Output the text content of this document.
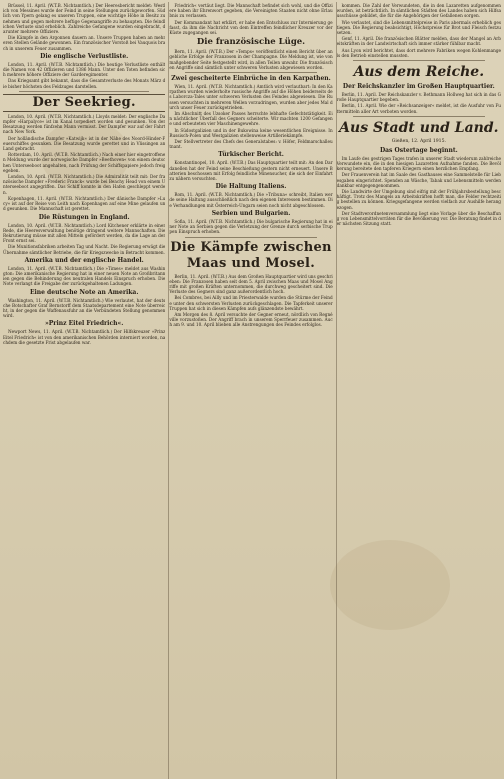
Brüssel, 11. April. (W.T.B. Nichtamtlich.) Der Heeresbericht meldet: Westlich von Messines wurde der Feind in seine Stellungen zurückgeworfen. Südlich von Ypern gelang es unseren Truppen, eine wichtige Höhe in Besitz zu nehmen und gegen mehrere heftige Gegenangriffe zu behaupten. Die feindlichen Verluste sind erheblich. Zahlreiche Gefangene wurden eingebracht, darunter mehrere Offiziere.

Die Kämpfe in den Argonnen dauern an. Unsere Truppen haben an mehreren Stellen Gelände gewonnen. Ein französischer Vorstoß bei Vauquois brach in unserem Feuer zusammen.

Die englische Verlustliste.

London, 11. April. (W.T.B. Nichtamtlich.) Die heutige Verlustliste enthält die Namen von 42 Offizieren und 1386 Mann. Unter den Toten befinden sich mehrere höhere Offiziere der Garderegimenter.

Das Kriegsamt gibt bekannt, dass die Gesamtverluste des Monats März die bisher höchsten des Feldzuges darstellen.

Der Seekrieg.

London, 10. April. (W.T.B. Nichtamtlich.) Lloyds meldet: Der englische Dampfer »Harpalyce« ist im Kanal torpediert worden und gesunken. Von der Besatzung werden fünfzehn Mann vermisst. Der Dampfer war auf der Fahrt nach New York.

Der holländische Dampfer »Katwijk« ist in der Nähe des Noord-Hinder-Feuerschiffes gesunken. Die Besatzung wurde gerettet und in Vlissingen an Land gebracht.

Rotterdam, 10. April. (W.T.B. Nichtamtlich.) Nach einer hier eingetroffenen Meldung wurde der norwegische Dampfer »Beethoven« von einem deutschen Unterseeboot angehalten, nach Prüfung der Schiffspapiere jedoch freigegeben.

London, 10. April. (W.T.B. Nichtamtlich.) Die Admiralität teilt mit: Der französische Dampfer »Frederic Franck« wurde bei Beachy Head von einem Unterseeboot angegriffen. Das Schiff konnte in den Hafen geschleppt werden.

Kopenhagen, 11. April. (W.T.B. Nichtamtlich.) Der dänische Dampfer »Lucy« ist auf der Reise von Leith nach Kopenhagen auf eine Mine gelaufen und gesunken. Die Mannschaft ist gerettet.

Die Rüstungen in England.

London, 10. April. (W.T.B. Nichtamtlich.) Lord Kitchener erklärte in einer Rede, die Heeresverwaltung benötige dringend weitere Mannschaften. Die Rekrutierung müsse mit allen Mitteln gefördert werden, da die Lage an der Front ernst sei.

Die Munitionsfabriken arbeiten Tag und Nacht. Die Regierung erwägt die Übernahme sämtlicher Betriebe, die für Kriegszwecke in Betracht kommen.

Amerika und der englische Handel.

London, 11. April. (W.T.B. Nichtamtlich.) Die »Times« meldet aus Washington: Die amerikanische Regierung hat in einer neuen Note an Großbritannien gegen die Behinderung des neutralen Handels Einspruch erhoben. Die Note verlangt die Freigabe der zurückgehaltenen Ladungen.

Eine deutsche Note an Amerika.

Washington, 11. April. (W.T.B. Nichtamtlich.) Wie verlautet, hat der deutsche Botschafter Graf Bernstorff dem Staatsdepartement eine Note überreicht, in der gegen die Waffenausfuhr an die Verbündeten Stellung genommen wird.

»Prinz Eitel Friedrich«.

Newport News, 11. April. (W.T.B. Nichtamtlich.) Der Hilfskreuzer »Prinz Eitel Friedrich« ist von den amerikanischen Behörden interniert worden, nachdem die gesetzte Frist abgelaufen war.

Friedrich« vertäut liegt. Die Mannschaft befindet sich wohl, und die Offiziere haben ihr Ehrenwort gegeben, die Vereinigten Staaten nicht ohne Erlaubnis zu verlassen.

Der Kommandant hat erklärt, er habe den Entschluss zur Internierung gefasst, da ihm die Nachricht von dem Eintreffen feindlicher Kreuzer vor der Küste zugegangen sei.

Die französische Lüge.

Bern, 11. April. (W.T.B.) Der »Temps« veröffentlicht einen Bericht über angebliche Erfolge der Franzosen in der Champagne. Die Meldung ist, wie von maßgebender Seite festgestellt wird, in allen Teilen unwahr. Die französischen Angriffe sind sämtlich unter schweren Verlusten abgewiesen worden.

Zwei gescheiterte Einbrüche in den Karpathen.

Wien, 11. April. (W.T.B. Nichtamtlich.) Amtlich wird verlautbart: In den Karpathen wurden wiederholte russische Angriffe auf die Höhen beiderseits des Laborcza-Tales unter schweren Verlusten des Feindes abgewiesen. Die Russen versuchten in mehreren Wellen vorzudringen, wurden aber jedes Mal durch unser Feuer zurückgetrieben.

Im Abschnitt des Uzsoker Passes herrschte lebhafte Gefechtstätigkeit. Ein nächtlicher Überfall des Gegners scheiterte. Wir machten 1200 Gefangene und erbeuteten vier Maschinengewehre.

In Südostgalizien und in der Bukowina keine wesentlichen Ereignisse. In Russisch-Polen und Westgalizien stellenweise Artilleriekämpfe.

Der Stellvertreter des Chefs des Generalstabes: v. Höfer, Feldmarschalleutnant.

Türkischer Bericht.

Konstantinopel, 10. April. (W.T.B.) Das Hauptquartier teilt mit: An den Dardanellen hat der Feind seine Beschießung gestern nicht erneuert. Unsere Batterien beschossen mit Erfolg feindliche Minensucher, die sich der Einfahrt zu nähern versuchten.

Die Haltung Italiens.

Rom, 11. April. (W.T.B. Nichtamtlich.) Die »Tribuna« schreibt, Italien werde seine Haltung ausschließlich nach den eigenen Interessen bestimmen. Die Verhandlungen mit Österreich-Ungarn seien noch nicht abgeschlossen.

Serbien und Bulgarien.

Sofia, 11. April. (W.T.B. Nichtamtlich.) Die bulgarische Regierung hat in einer Note an Serbien gegen die Verletzung der Grenze durch serbische Truppen Einspruch erhoben.

Die Kämpfe zwischen Maas und Mosel.

Berlin, 11. April. (W.T.B.) Aus dem Großen Hauptquartier wird uns geschrieben: Die Franzosen haben seit dem 5. April zwischen Maas und Mosel Angriffe mit großen Kräften unternommen, die durchweg gescheitert sind. Die Verluste des Gegners sind ganz außerordentlich hoch.

Bei Combres, bei Ailly und im Priesterwalde wurden die Stürme der Feinde unter den schwersten Verlusten zurückgeschlagen. Die Tapferkeit unserer Truppen hat sich in diesen Kämpfen aufs glänzendste bewährt.

Am Morgen des 8. April versuchte der Gegner erneut, nördlich von Regnéville vorzustoßen. Der Angriff brach in unserem Sperrfeuer zusammen. Auch am 9. und 10. April blieben alle Anstrengungen des Feindes erfolglos.

kommen. Die Zahl der Verwundeten, die in den Lazaretten aufgenommen wurden, ist beträchtlich. In sämtlichen Städten des Landes haben sich Hilfsausschüsse gebildet, die für die Angehörigen der Gefallenen sorgen.

Wie verlautet, sind die Lebensmittelpreise in Paris abermals erheblich gestiegen. Die Regierung beabsichtigt, Höchstpreise für Brot und Fleisch festzusetzen.

Genf, 11. April. Die französischen Blätter melden, dass der Mangel an Arbeitskräften in der Landwirtschaft sich immer stärker fühlbar macht.

Aus Lyon wird berichtet, dass dort mehrere Fabriken wegen Kohlenmangels den Betrieb einstellen mussten.

Aus dem Reiche.
Der Reichskanzler im Großen Hauptquartier.

Berlin, 11. April. Der Reichskanzler v. Bethmann Hollweg hat sich in das Große Hauptquartier begeben.

Berlin, 11. April. Wie der »Reichsanzeiger« meldet, ist die Ausfuhr von Futtermitteln aller Art verboten worden.

Aus Stadt und Land.
Gießen, 12. April 1915.
Das Ostertage beginnt.

Im Laufe des gestrigen Tages trafen in unserer Stadt wiederum zahlreiche Verwundete ein, die in den hiesigen Lazaretten Aufnahme fanden. Die Bevölkerung bereitete den tapferen Kriegern einen herzlichen Empfang.

Der Frauenverein hat im Saale des Gasthauses eine Sammelstelle für Liebesgaben eingerichtet. Spenden an Wäsche, Tabak und Lebensmitteln werden dankbar entgegengenommen.

Die Landwirte der Umgebung sind eifrig mit der Frühjahrsbestellung beschäftigt. Trotz des Mangels an Arbeitskräften hofft man, die Felder rechtzeitig bestellen zu können. Kriegsgefangene werden vielfach zur Aushilfe herangezogen.

Der Stadtverordnetenversammlung liegt eine Vorlage über die Beschaffung von Lebensmittelvorräten für die Bevölkerung vor. Die Beratung findet in der nächsten Sitzung statt.
